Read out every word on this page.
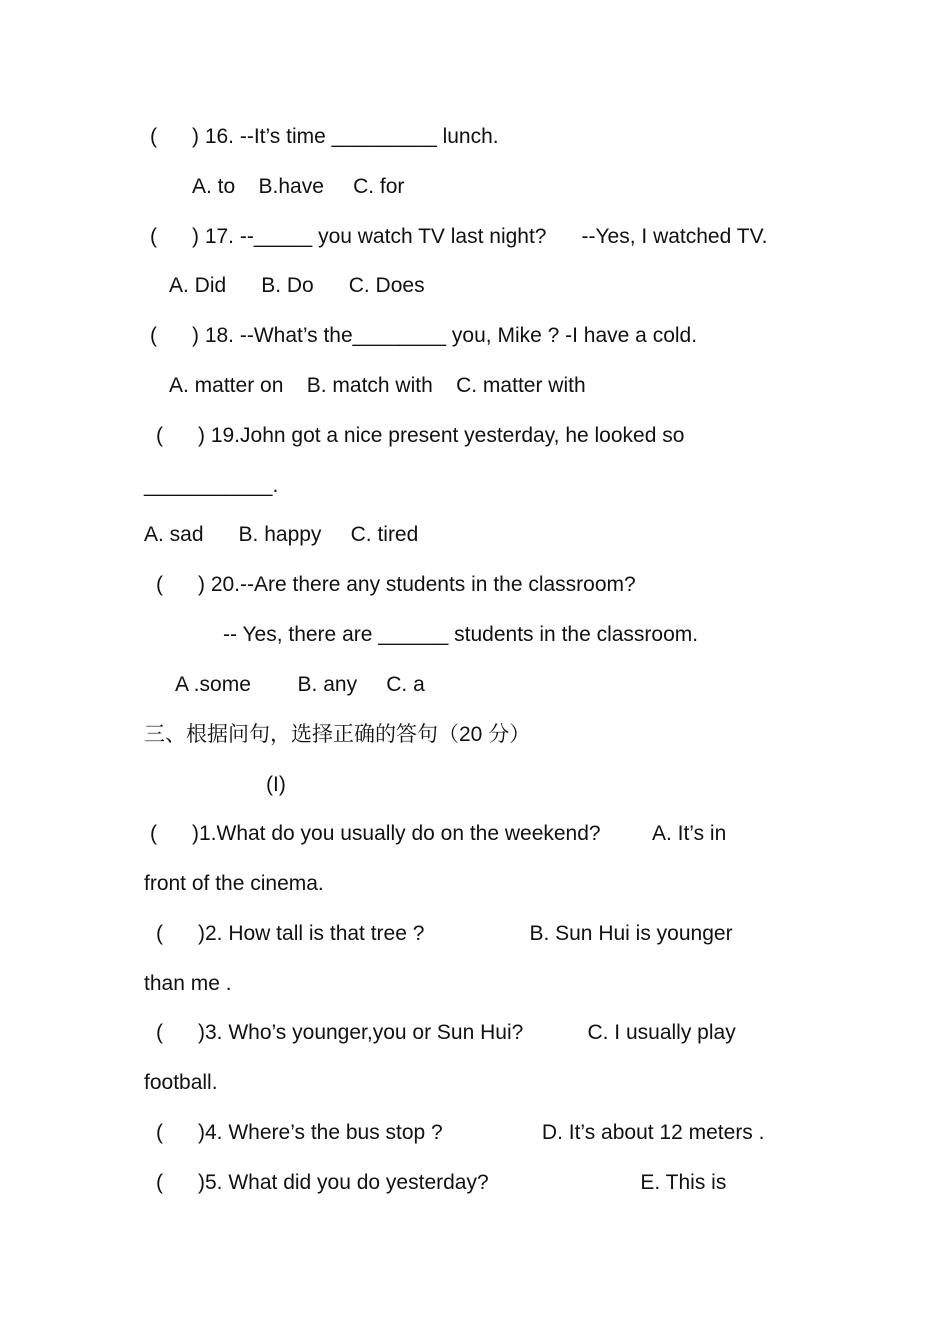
(      ) 16. --It’s time _________ lunch.
A. to    B.have     C. for
(      ) 17. --_____ you watch TV last night?      --Yes, I watched TV.
A. Did      B. Do      C. Does
(      ) 18. --What’s the________ you, Mike ? -I have a cold.
A. matter on    B. match with    C. matter with
(      ) 19.John got a nice present yesterday, he looked so
___________.
A. sad      B. happy     C. tired
(      ) 20.--Are there any students in the classroom?
-- Yes, there are ______ students in the classroom.
A .some        B. any     C. a
三、根据问句，选择正确的答句（20 分）
(I)
(      )1.What do you usually do on the weekend?         A. It’s in
front of the cinema.
(      )2. How tall is that tree ?                  B. Sun Hui is younger
than me .
(      )3. Who’s younger,you or Sun Hui?           C. I usually play
football.
(      )4. Where’s the bus stop ?                 D. It’s about 12 meters .
(      )5. What did you do yesterday?                          E. This is
